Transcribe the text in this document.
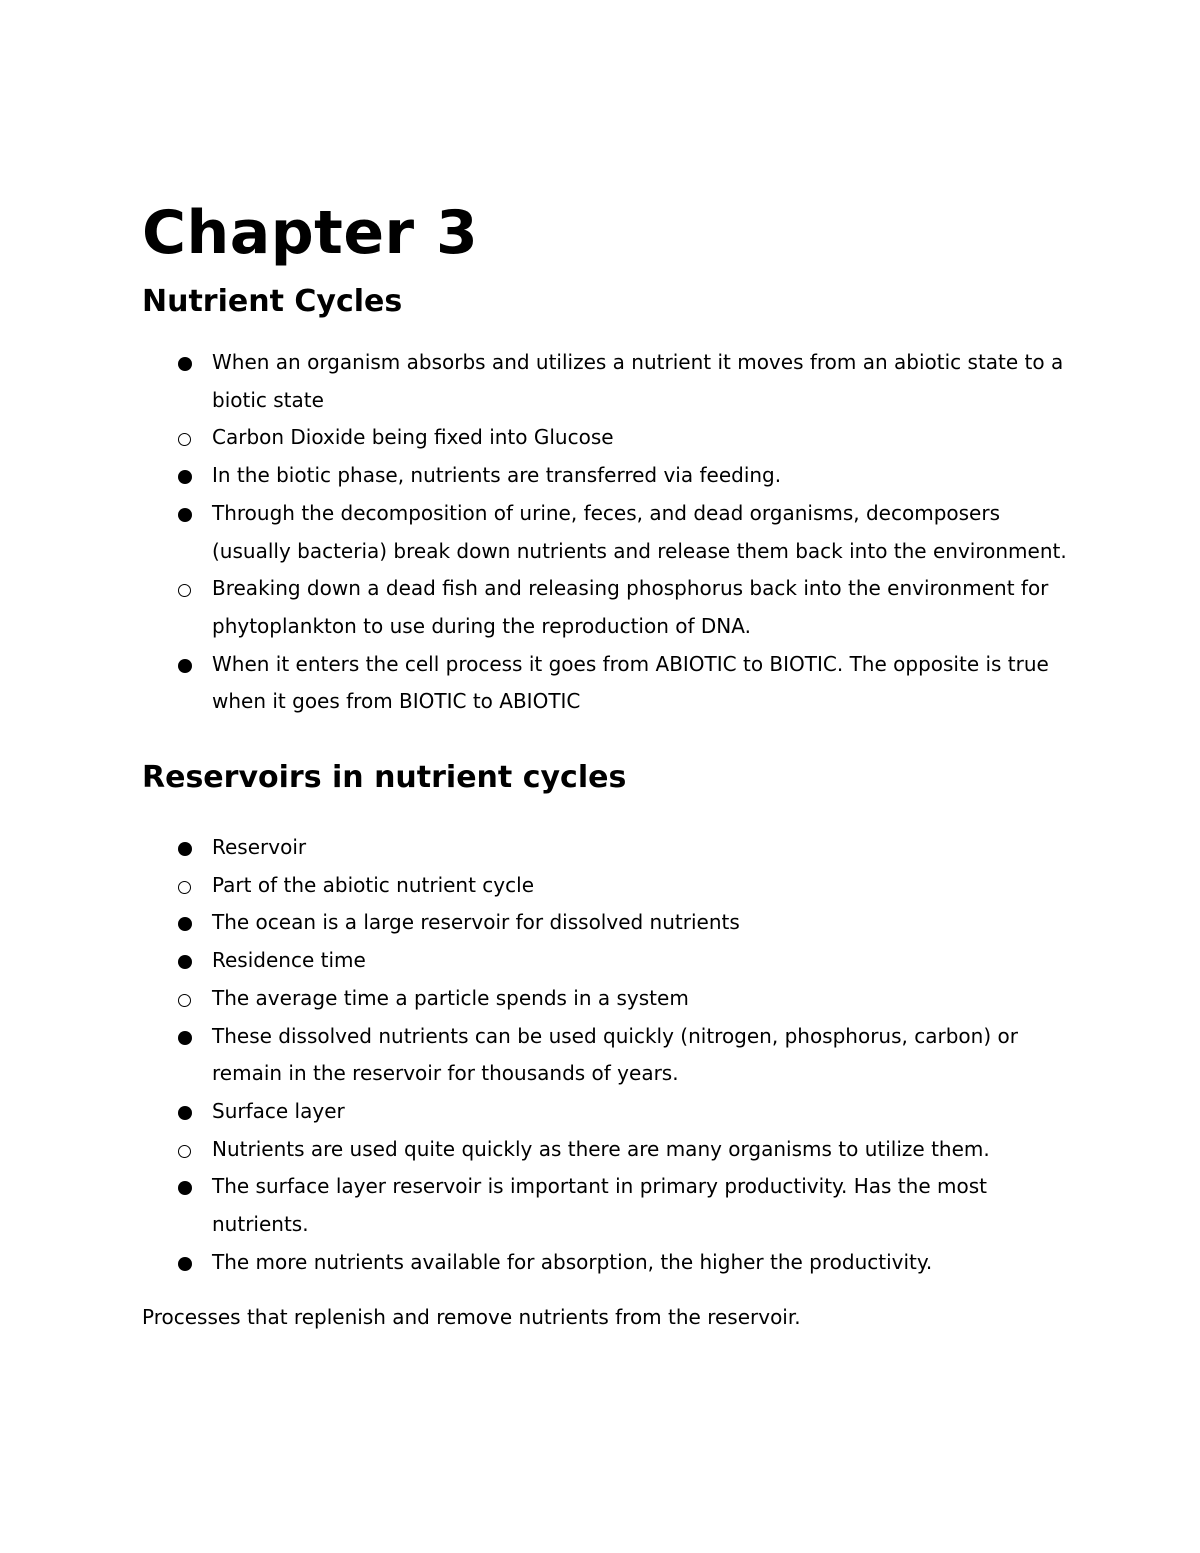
Chapter 3
Nutrient Cycles
When an organism absorbs and utilizes a nutrient it moves from an abiotic state to a biotic state
Carbon Dioxide being fixed into Glucose
In the biotic phase, nutrients are transferred via feeding.
Through the decomposition of urine, feces, and dead organisms, decomposers (usually bacteria) break down nutrients and release them back into the environment.
Breaking down a dead fish and releasing phosphorus back into the environment for phytoplankton to use during the reproduction of DNA.
When it enters the cell process it goes from ABIOTIC to BIOTIC. The opposite is true when it goes from BIOTIC to ABIOTIC
Reservoirs in nutrient cycles
Reservoir
Part of the abiotic nutrient cycle
The ocean is a large reservoir for dissolved nutrients
Residence time
The average time a particle spends in a system
These dissolved nutrients can be used quickly (nitrogen, phosphorus, carbon) or remain in the reservoir for thousands of years.
Surface layer
Nutrients are used quite quickly as there are many organisms to utilize them.
The surface layer reservoir is important in primary productivity. Has the most nutrients.
The more nutrients available for absorption, the higher the productivity.

Processes that replenish and remove nutrients from the reservoir.
